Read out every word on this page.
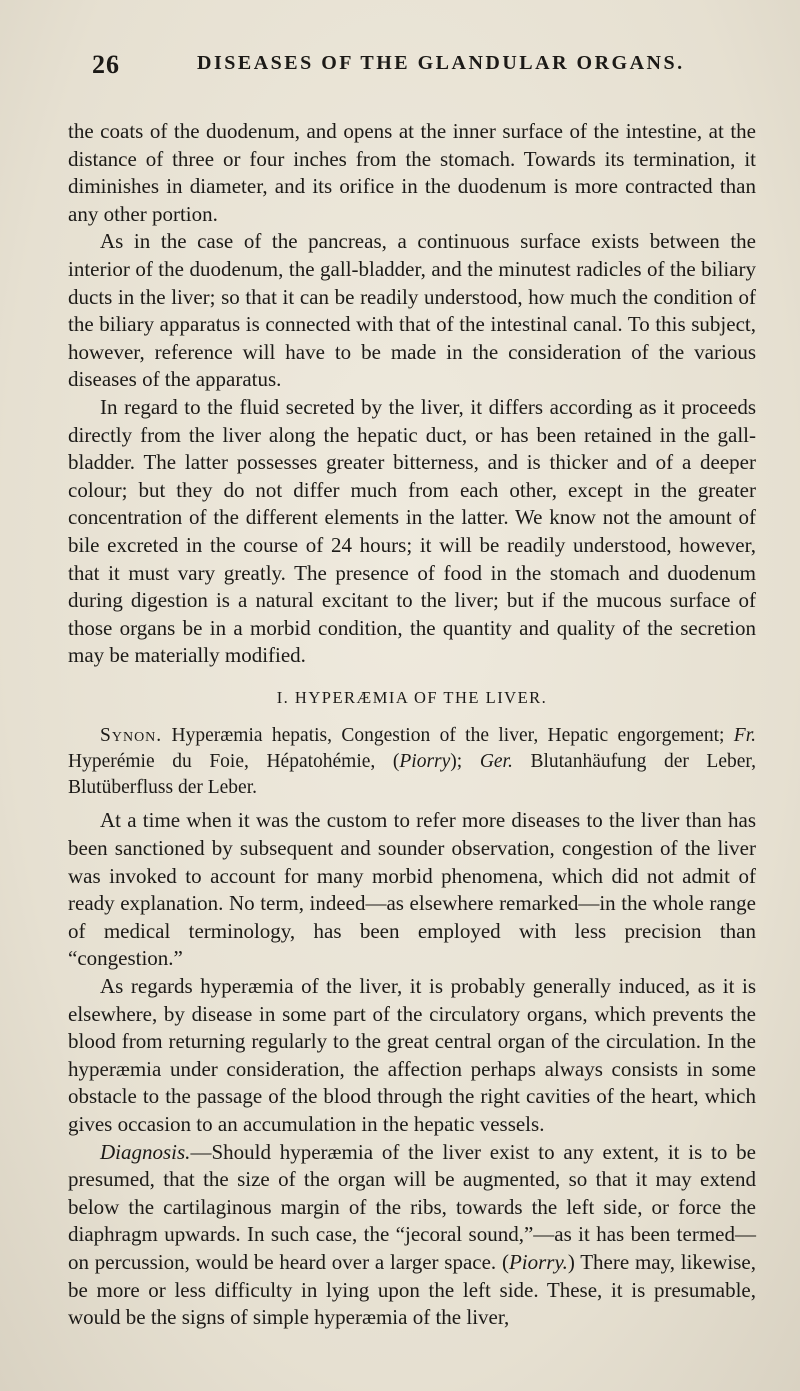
26	DISEASES OF THE GLANDULAR ORGANS.

the coats of the duodenum, and opens at the inner surface of the intestine, at the distance of three or four inches from the stomach. Towards its termination, it diminishes in diameter, and its orifice in the duodenum is more contracted than any other portion.

As in the case of the pancreas, a continuous surface exists between the interior of the duodenum, the gall-bladder, and the minutest radicles of the biliary ducts in the liver; so that it can be readily understood, how much the condition of the biliary apparatus is connected with that of the intestinal canal. To this subject, however, reference will have to be made in the consideration of the various diseases of the apparatus.

In regard to the fluid secreted by the liver, it differs according as it proceeds directly from the liver along the hepatic duct, or has been retained in the gall-bladder. The latter possesses greater bitterness, and is thicker and of a deeper colour; but they do not differ much from each other, except in the greater concentration of the different elements in the latter. We know not the amount of bile excreted in the course of 24 hours; it will be readily understood, however, that it must vary greatly. The presence of food in the stomach and duodenum during digestion is a natural excitant to the liver; but if the mucous surface of those organs be in a morbid condition, the quantity and quality of the secretion may be materially modified.

I. HYPERÆMIA OF THE LIVER.

Synon. Hyperæmia hepatis, Congestion of the liver, Hepatic engorgement; Fr. Hyperémie du Foie, Hépatohémie, (Piorry); Ger. Blutanhäufung der Leber, Blutüberfluss der Leber.

At a time when it was the custom to refer more diseases to the liver than has been sanctioned by subsequent and sounder observation, congestion of the liver was invoked to account for many morbid phenomena, which did not admit of ready explanation. No term, indeed—as elsewhere remarked—in the whole range of medical terminology, has been employed with less precision than “congestion.”

As regards hyperæmia of the liver, it is probably generally induced, as it is elsewhere, by disease in some part of the circulatory organs, which prevents the blood from returning regularly to the great central organ of the circulation. In the hyperæmia under consideration, the affection perhaps always consists in some obstacle to the passage of the blood through the right cavities of the heart, which gives occasion to an accumulation in the hepatic vessels.

Diagnosis.—Should hyperæmia of the liver exist to any extent, it is to be presumed, that the size of the organ will be augmented, so that it may extend below the cartilaginous margin of the ribs, towards the left side, or force the diaphragm upwards. In such case, the “jecoral sound,”—as it has been termed—on percussion, would be heard over a larger space. (Piorry.) There may, likewise, be more or less difficulty in lying upon the left side. These, it is presumable, would be the signs of simple hyperæmia of the liver,
